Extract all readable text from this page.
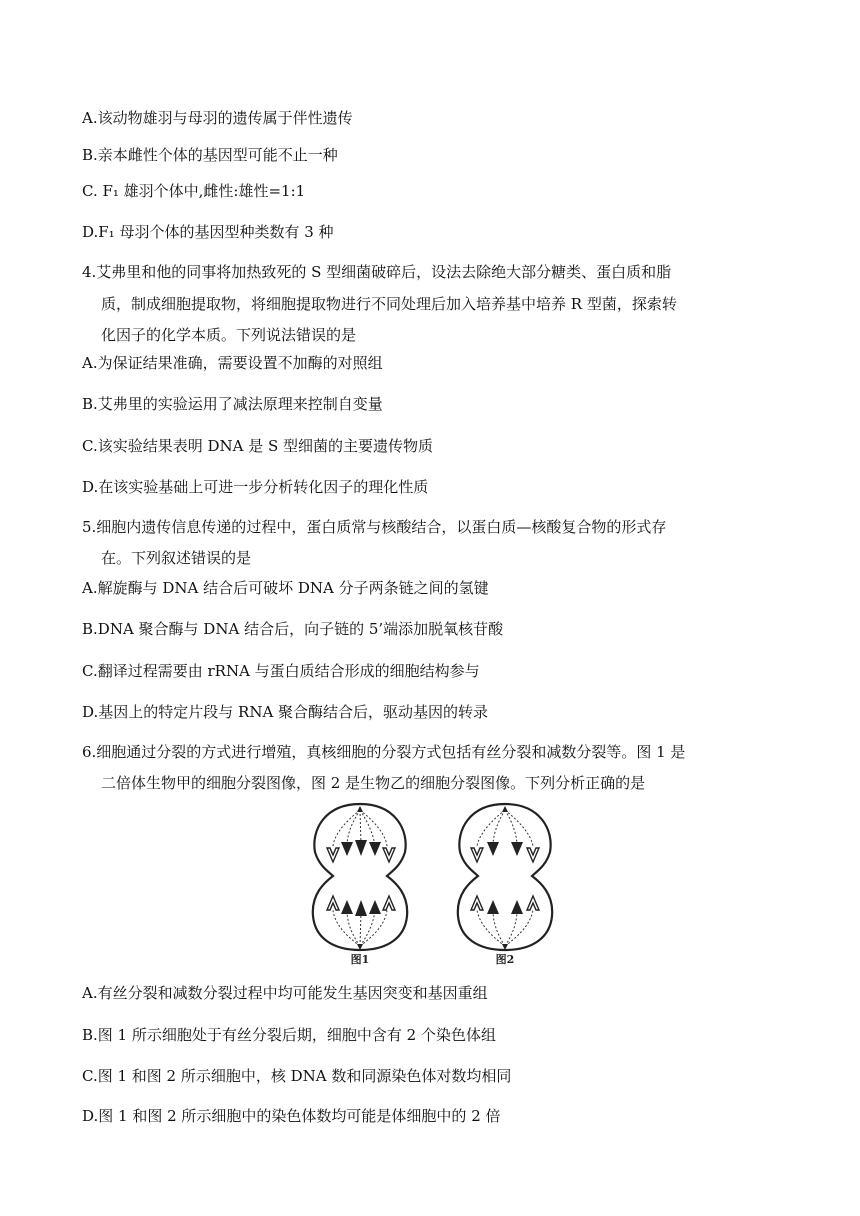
A.该动物雄羽与母羽的遗传属于伴性遗传
B.亲本雌性个体的基因型可能不止一种
C. F₁ 雄羽个体中,雌性:雄性=1:1
D.F₁ 母羽个体的基因型种类数有 3 种
4.艾弗里和他的同事将加热致死的 S 型细菌破碎后，设法去除绝大部分糖类、蛋白质和脂
质，制成细胞提取物，将细胞提取物进行不同处理后加入培养基中培养 R 型菌，探索转
化因子的化学本质。下列说法错误的是
A.为保证结果准确，需要设置不加酶的对照组
B.艾弗里的实验运用了减法原理来控制自变量
C.该实验结果表明 DNA 是 S 型细菌的主要遗传物质
D.在该实验基础上可进一步分析转化因子的理化性质
5.细胞内遗传信息传递的过程中，蛋白质常与核酸结合，以蛋白质—核酸复合物的形式存
在。下列叙述错误的是
A.解旋酶与 DNA 结合后可破坏 DNA 分子两条链之间的氢键
B.DNA 聚合酶与 DNA 结合后，向子链的 5’端添加脱氧核苷酸
C.翻译过程需要由 rRNA 与蛋白质结合形成的细胞结构参与
D.基因上的特定片段与 RNA 聚合酶结合后，驱动基因的转录
6.细胞通过分裂的方式进行增殖，真核细胞的分裂方式包括有丝分裂和减数分裂等。图 1 是
二倍体生物甲的细胞分裂图像，图 2 是生物乙的细胞分裂图像。下列分析正确的是
图1	图2
A.有丝分裂和减数分裂过程中均可能发生基因突变和基因重组
B.图 1 所示细胞处于有丝分裂后期，细胞中含有 2 个染色体组
C.图 1 和图 2 所示细胞中，核 DNA 数和同源染色体对数均相同
D.图 1 和图 2 所示细胞中的染色体数均可能是体细胞中的 2 倍
